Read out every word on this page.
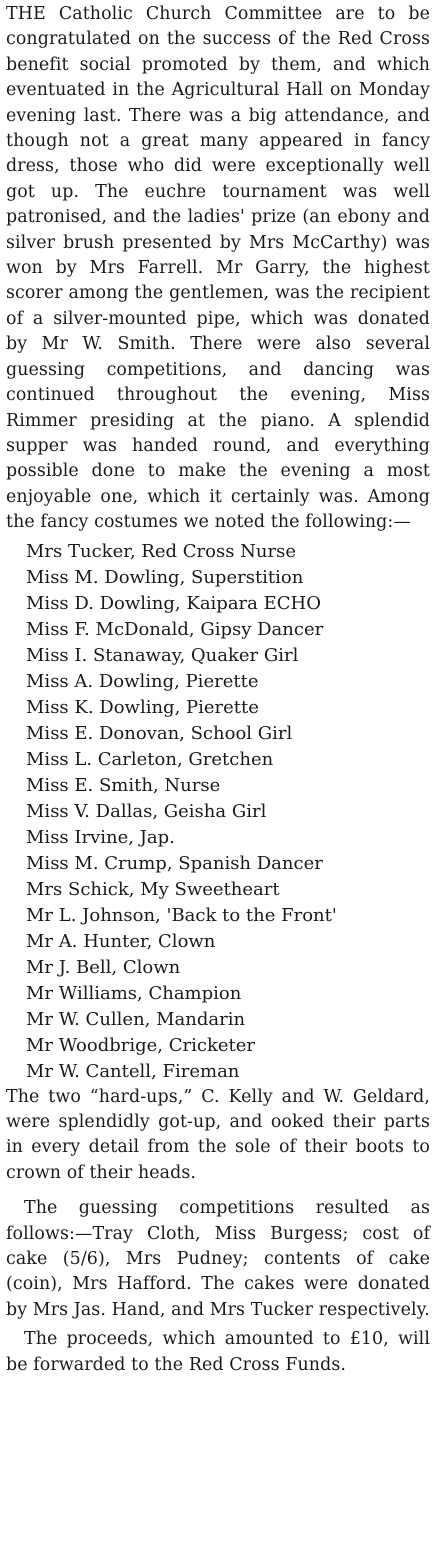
THE Catholic Church Committee are to be congratulated on the success of the Red Cross benefit social promoted by them, and which eventuated in the Agricultural Hall on Monday evening last. There was a big attendance, and though not a great many appeared in fancy dress, those who did were exceptionally well got up. The euchre tournament was well patronised, and the ladies' prize (an ebony and silver brush presented by Mrs McCarthy) was won by Mrs Farrell. Mr Garry, the highest scorer among the gentlemen, was the recipient of a silver-mounted pipe, which was donated by Mr W. Smith. There were also several guessing competitions, and dancing was continued throughout the evening, Miss Rimmer presiding at the piano. A splendid supper was handed round, and everything possible done to make the evening a most enjoyable one, which it certainly was. Among the fancy costumes we noted the following:—

Mrs Tucker, Red Cross Nurse
Miss M. Dowling, Superstition
Miss D. Dowling, Kaipara ECHO
Miss F. McDonald, Gipsy Dancer
Miss I. Stanaway, Quaker Girl
Miss A. Dowling, Pierette
Miss K. Dowling, Pierette
Miss E. Donovan, School Girl
Miss L. Carleton, Gretchen
Miss E. Smith, Nurse
Miss V. Dallas, Geisha Girl
Miss Irvine, Jap.
Miss M. Crump, Spanish Dancer
Mrs Schick, My Sweetheart
Mr L. Johnson, 'Back to the Front'
Mr A. Hunter, Clown
Mr J. Bell, Clown
Mr Williams, Champion
Mr W. Cullen, Mandarin
Mr Woodbrige, Cricketer
Mr W. Cantell, Fireman

The two “hard-ups,” C. Kelly and W. Geldard, were splendidly got-up, and ooked their parts in every detail from the sole of their boots to crown of their heads.

The guessing competitions resulted as follows:—Tray Cloth, Miss Burgess; cost of cake (5/6), Mrs Pudney; contents of cake (coin), Mrs Hafford. The cakes were donated by Mrs Jas. Hand, and Mrs Tucker respectively.

The proceeds, which amounted to £10, will be forwarded to the Red Cross Funds.
